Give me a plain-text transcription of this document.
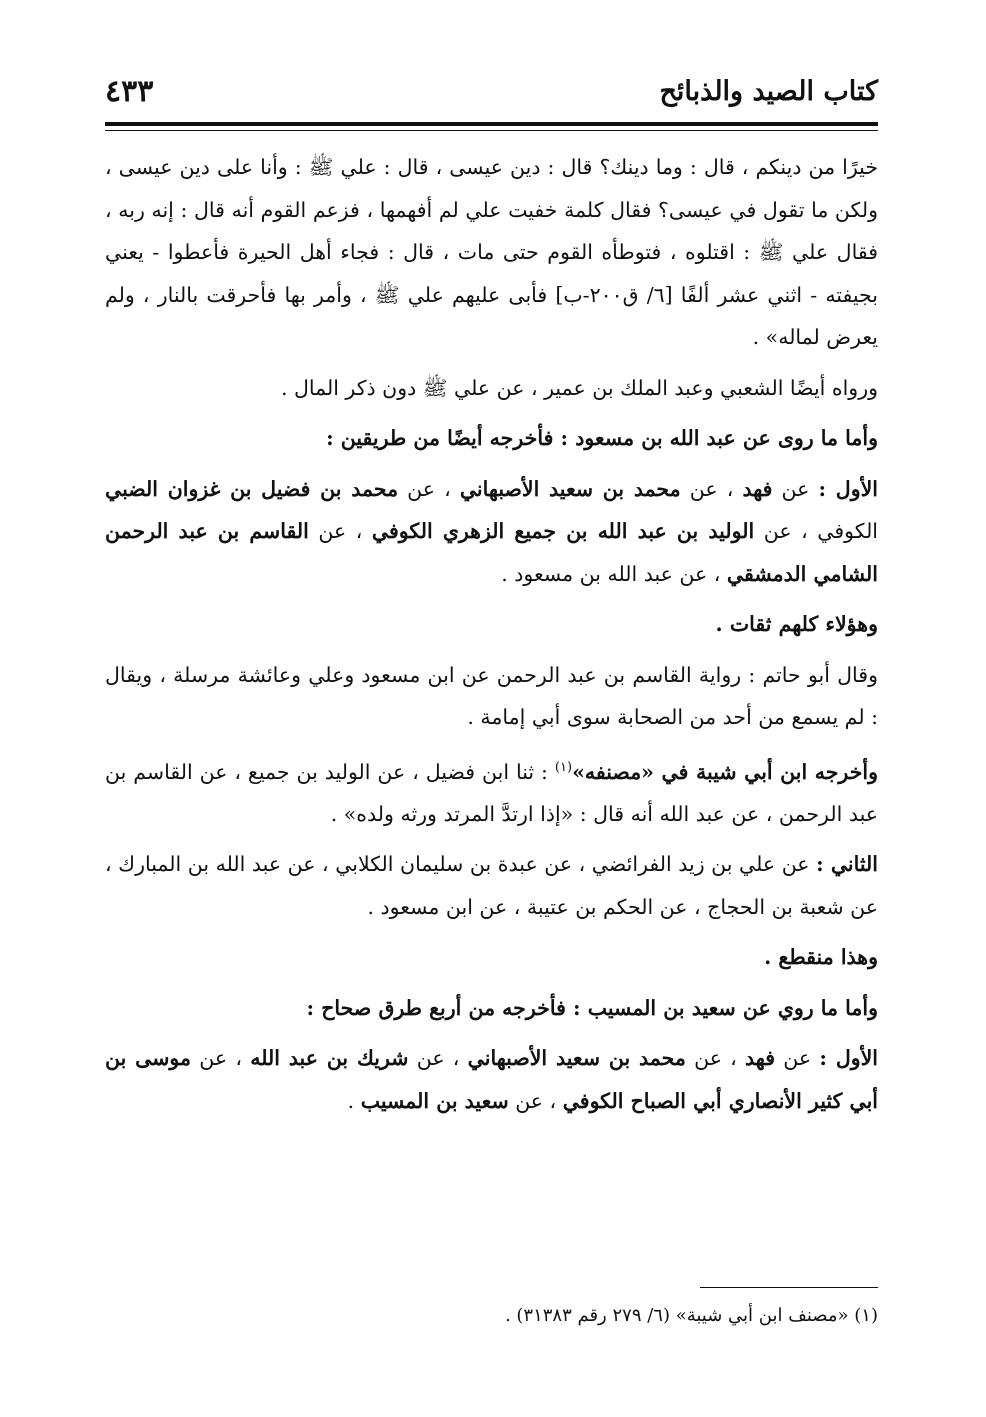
كتاب الصيد والذبائح
٤٣٣

خيرًا من دينكم ، قال : وما دينك؟ قال : دين عيسى ، قال : علي ﷺ : وأنا على دين عيسى ، ولكن ما تقول في عيسى؟ فقال كلمة خفيت علي لم أفهمها ، فزعم القوم أنه قال : إنه ربه ، فقال علي ﷺ : اقتلوه ، فتوطأه القوم حتى مات ، قال : فجاء أهل الحيرة فأعطوا - يعني بجيفته - اثني عشر ألفًا [٦/ ق٢٠٠-ب] فأبى عليهم علي ﷺ ، وأمر بها فأحرقت بالنار ، ولم يعرض لماله» .

ورواه أيضًا الشعبي وعبد الملك بن عمير ، عن علي ﷺ دون ذكر المال .

وأما ما روى عن عبد الله بن مسعود : فأخرجه أيضًا من طريقين :

الأول : عن فهد ، عن محمد بن سعيد الأصبهاني ، عن محمد بن فضيل بن غزوان الضبي الكوفي ، عن الوليد بن عبد الله بن جميع الزهري الكوفي ، عن القاسم بن عبد الرحمن الشامي الدمشقي ، عن عبد الله بن مسعود .

وهؤلاء كلهم ثقات .

وقال أبو حاتم : رواية القاسم بن عبد الرحمن عن ابن مسعود وعلي وعائشة مرسلة ، ويقال : لم يسمع من أحد من الصحابة سوى أبي إمامة .

وأخرجه ابن أبي شيبة في «مصنفه»$^{(١)}$ : ثنا ابن فضيل ، عن الوليد بن جميع ، عن القاسم بن عبد الرحمن ، عن عبد الله أنه قال : «إذا ارتدَّ المرتد ورثه ولده» .

الثاني : عن علي بن زيد الفرائضي ، عن عبدة بن سليمان الكلابي ، عن عبد الله بن المبارك ، عن شعبة بن الحجاج ، عن الحكم بن عتيبة ، عن ابن مسعود .

وهذا منقطع .

وأما ما روي عن سعيد بن المسيب : فأخرجه من أربع طرق صحاح :

الأول : عن فهد ، عن محمد بن سعيد الأصبهاني ، عن شريك بن عبد الله ، عن موسى بن أبي كثير الأنصاري أبي الصباح الكوفي ، عن سعيد بن المسيب .

(١) «مصنف ابن أبي شيبة» (٦/ ٢٧٩ رقم ٣١٣٨٣) .
